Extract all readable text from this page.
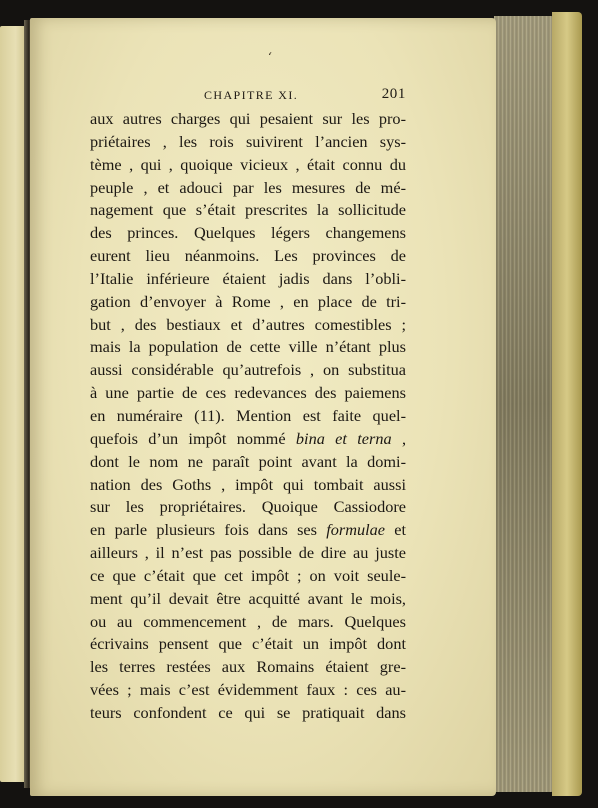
‘
CHAPITRE XI.	201
aux autres charges qui pesaient sur les pro-
priétaires , les rois suivirent l’ancien sys-
tème , qui , quoique vicieux , était connu du
peuple , et adouci par les mesures de mé-
nagement que s’était prescrites la sollicitude
des princes. Quelques légers changemens
eurent lieu néanmoins. Les provinces de
l’Italie inférieure étaient jadis dans l’obli-
gation d’envoyer à Rome , en place de tri-
but , des bestiaux et d’autres comestibles ;
mais la population de cette ville n’étant plus
aussi considérable qu’autrefois , on substitua
à une partie de ces redevances des paiemens
en numéraire (11). Mention est faite quel-
quefois d’un impôt nommé bina et terna ,
dont le nom ne paraît point avant la domi-
nation des Goths , impôt qui tombait aussi
sur les propriétaires. Quoique Cassiodore
en parle plusieurs fois dans ses formulae et
ailleurs , il n’est pas possible de dire au juste
ce que c’était que cet impôt ; on voit seule-
ment qu’il devait être acquitté avant le mois,
ou au commencement , de mars. Quelques
écrivains pensent que c’était un impôt dont
les terres restées aux Romains étaient gre-
vées ; mais c’est évidemment faux : ces au-
teurs confondent ce qui se pratiquait dans
